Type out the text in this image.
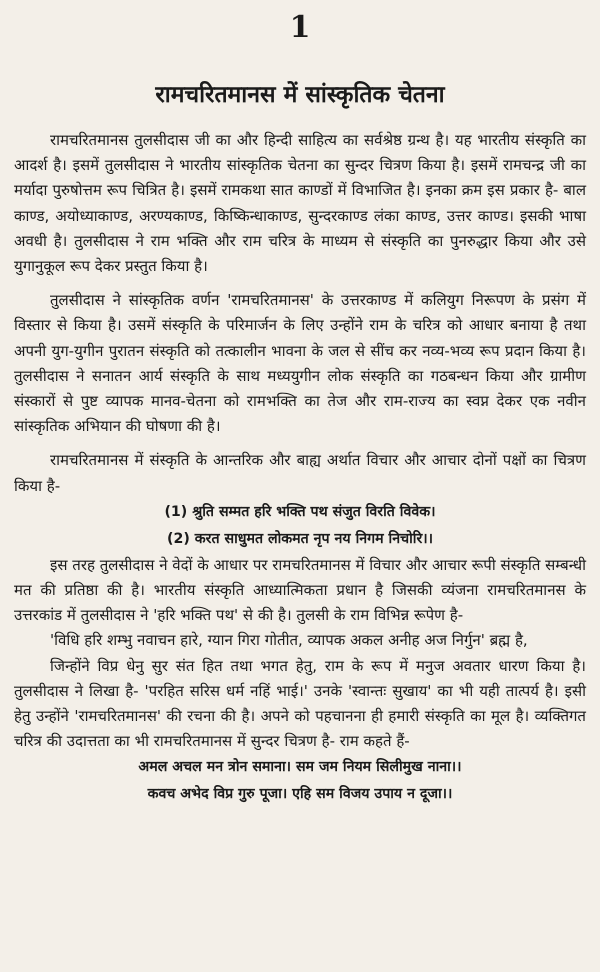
1
रामचरितमानस में सांस्कृतिक चेतना

रामचरितमानस तुलसीदास जी का और हिन्दी साहित्य का सर्वश्रेष्ठ ग्रन्थ है। यह भारतीय संस्कृति का आदर्श है। इसमें तुलसीदास ने भारतीय सांस्कृतिक चेतना का सुन्दर चित्रण किया है। इसमें रामचन्द्र जी का मर्यादा पुरुषोत्तम रूप चित्रित है। इसमें रामकथा सात काण्डों में विभाजित है। इनका क्रम इस प्रकार है- बाल काण्ड, अयोध्याकाण्ड, अरण्यकाण्ड, किष्किन्धाकाण्ड, सुन्दरकाण्ड लंका काण्ड, उत्तर काण्ड। इसकी भाषा अवधी है। तुलसीदास ने राम भक्ति और राम चरित्र के माध्यम से संस्कृति का पुनरुद्धार किया और उसे युगानुकूल रूप देकर प्रस्तुत किया है।

तुलसीदास ने सांस्कृतिक वर्णन 'रामचरितमानस' के उत्तरकाण्ड में कलियुग निरूपण के प्रसंग में विस्तार से किया है। उसमें संस्कृति के परिमार्जन के लिए उन्होंने राम के चरित्र को आधार बनाया है तथा अपनी युग-युगीन पुरातन संस्कृति को तत्कालीन भावना के जल से सींच कर नव्य-भव्य रूप प्रदान किया है। तुलसीदास ने सनातन आर्य संस्कृति के साथ मध्ययुगीन लोक संस्कृति का गठबन्धन किया और ग्रामीण संस्कारों से पुष्ट व्यापक मानव-चेतना को रामभक्ति का तेज और राम-राज्य का स्वप्न देकर एक नवीन सांस्कृतिक अभियान की घोषणा की है।

रामचरितमानस में संस्कृति के आन्तरिक और बाह्य अर्थात विचार और आचार दोनों पक्षों का चित्रण किया है-

(1) श्रुति सम्मत हरि भक्ति पथ संजुत विरति विवेक।

(2) करत साधुमत लोकमत नृप नय निगम निचोरि।।

इस तरह तुलसीदास ने वेदों के आधार पर रामचरितमानस में विचार और आचार रूपी संस्कृति सम्बन्धी मत की प्रतिष्ठा की है। भारतीय संस्कृति आध्यात्मिकता प्रधान है जिसकी व्यंजना रामचरितमानस के उत्तरकांड में तुलसीदास ने 'हरि भक्ति पथ' से की है। तुलसी के राम विभिन्न रूपेण है-

'विधि हरि शम्भु नवाचन हारे, ग्यान गिरा गोतीत, व्यापक अकल अनीह अज निर्गुन' ब्रह्म है,

जिन्होंने विप्र धेनु सुर संत हित तथा भगत हेतु, राम के रूप में मनुज अवतार धारण किया है। तुलसीदास ने लिखा है- 'परहित सरिस धर्म नहिं भाई।' उनके 'स्वान्तः सुखाय' का भी यही तात्पर्य है। इसी हेतु उन्होंने 'रामचरितमानस' की रचना की है। अपने को पहचानना ही हमारी संस्कृति का मूल है। व्यक्तिगत चरित्र की उदात्तता का भी रामचरितमानस में सुन्दर चित्रण है- राम कहते हैं-

अमल अचल मन त्रोन समाना। सम जम नियम सिलीमुख नाना।।

कवच अभेद विप्र गुरु पूजा। एहि सम विजय उपाय न दूजा।।
